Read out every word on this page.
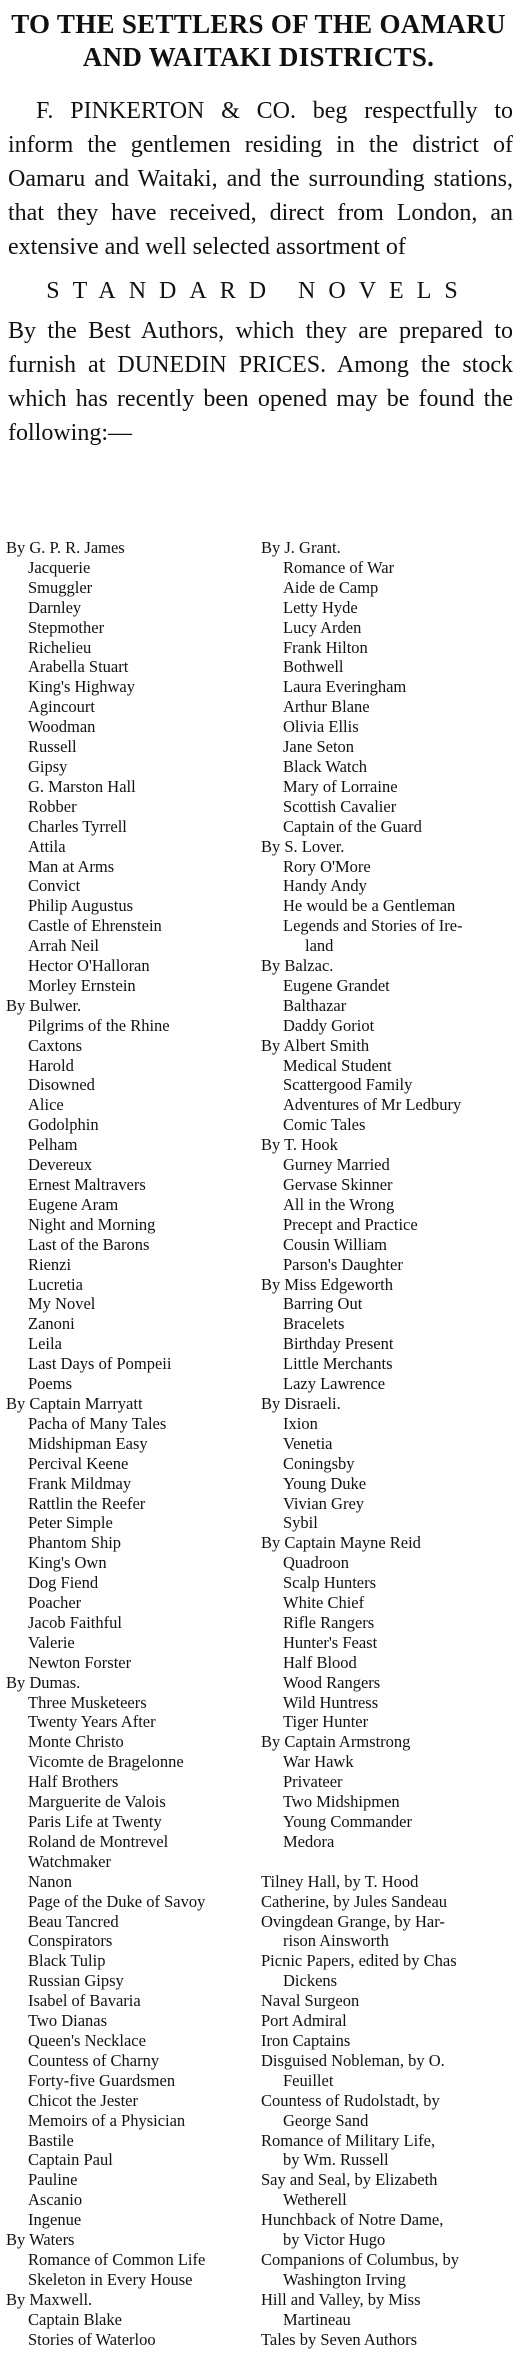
TO THE SETTLERS OF THE OAMARU AND WAITAKI DISTRICTS.

F. PINKERTON & CO. beg respectfully to inform the gentlemen residing in the district of Oamaru and Waitaki, and the surrounding stations, that they have received, direct from London, an extensive and well selected assortment of

STANDARD NOVELS

By the Best Authors, which they are prepared to furnish at DUNEDIN PRICES. Among the stock which has recently been opened may be found the following:—

By G. P. R. James
Jacquerie
Smuggler
Darnley
Stepmother
Richelieu
Arabella Stuart
King's Highway
Agincourt
Woodman
Russell
Gipsy
G. Marston Hall
Robber
Charles Tyrrell
Attila
Man at Arms
Convict
Philip Augustus
Castle of Ehrenstein
Arrah Neil
Hector O'Halloran
Morley Ernstein
By Bulwer.
Pilgrims of the Rhine
Caxtons
Harold
Disowned
Alice
Godolphin
Pelham
Devereux
Ernest Maltravers
Eugene Aram
Night and Morning
Last of the Barons
Rienzi
Lucretia
My Novel
Zanoni
Leila
Last Days of Pompeii
Poems
By Captain Marryatt
Pacha of Many Tales
Midshipman Easy
Percival Keene
Frank Mildmay
Rattlin the Reefer
Peter Simple
Phantom Ship
King's Own
Dog Fiend
Poacher
Jacob Faithful
Valerie
Newton Forster
By Dumas.
Three Musketeers
Twenty Years After
Monte Christo
Vicomte de Bragelonne
Half Brothers
Marguerite de Valois
Paris Life at Twenty
Roland de Montrevel
Watchmaker
Nanon
Page of the Duke of Savoy
Beau Tancred
Conspirators
Black Tulip
Russian Gipsy
Isabel of Bavaria
Two Dianas
Queen's Necklace
Countess of Charny
Forty-five Guardsmen
Chicot the Jester
Memoirs of a Physician
Bastile
Captain Paul
Pauline
Ascanio
Ingenue
By Waters
Romance of Common Life
Skeleton in Every House
By Maxwell.
Captain Blake
Stories of Waterloo
By J. Grant.
Romance of War
Aide de Camp
Letty Hyde
Lucy Arden
Frank Hilton
Bothwell
Laura Everingham
Arthur Blane
Olivia Ellis
Jane Seton
Black Watch
Mary of Lorraine
Scottish Cavalier
Captain of the Guard
By S. Lover.
Rory O'More
Handy Andy
He would be a Gentleman
Legends and Stories of Ire-
land
By Balzac.
Eugene Grandet
Balthazar
Daddy Goriot
By Albert Smith
Medical Student
Scattergood Family
Adventures of Mr Ledbury
Comic Tales
By T. Hook
Gurney Married
Gervase Skinner
All in the Wrong
Precept and Practice
Cousin William
Parson's Daughter
By Miss Edgeworth
Barring Out
Bracelets
Birthday Present
Little Merchants
Lazy Lawrence
By Disraeli.
Ixion
Venetia
Coningsby
Young Duke
Vivian Grey
Sybil
By Captain Mayne Reid
Quadroon
Scalp Hunters
White Chief
Rifle Rangers
Hunter's Feast
Half Blood
Wood Rangers
Wild Huntress
Tiger Hunter
By Captain Armstrong
War Hawk
Privateer
Two Midshipmen
Young Commander
Medora

Tilney Hall, by T. Hood
Catherine, by Jules Sandeau
Ovingdean Grange, by Har-
rison Ainsworth
Picnic Papers, edited by Chas
Dickens
Naval Surgeon
Port Admiral
Iron Captains
Disguised Nobleman, by O.
Feuillet
Countess of Rudolstadt, by
George Sand
Romance of Military Life,
by Wm. Russell
Say and Seal, by Elizabeth
Wetherell
Hunchback of Notre Dame,
by Victor Hugo
Companions of Columbus, by
Washington Irving
Hill and Valley, by Miss
Martineau
Tales by Seven Authors
